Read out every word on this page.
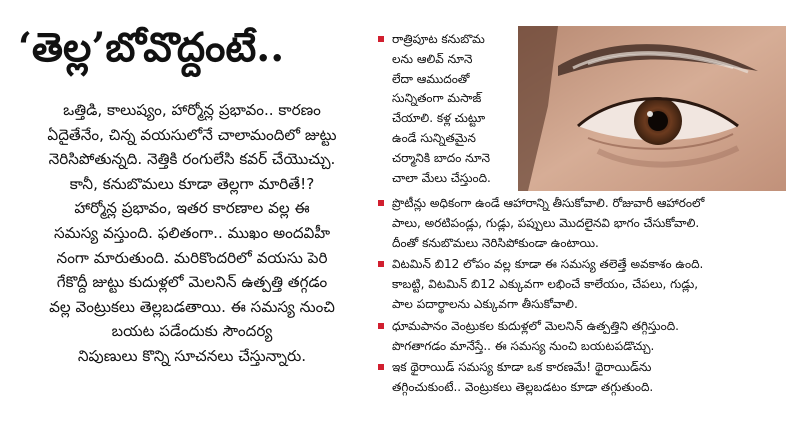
‘తెల్ల’బోవొద్దంటే..
ఒత్తిడి, కాలుష్యం, హార్మోన్ల ప్రభావం.. కారణం
ఏదైతేనేం, చిన్న వయసులోనే చాలామందిలో జుట్టు
నెరిసిపోతున్నది. నెత్తికి రంగులేసి కవర్ చేయొచ్చు.
కానీ, కనుబొమలు కూడా తెల్లగా మారితే!?
హార్మోన్ల ప్రభావం, ఇతర కారణాల వల్ల ఈ
సమస్య వస్తుంది. ఫలితంగా.. ముఖం అందవిహీ
నంగా మారుతుంది. మరికొందరిలో వయసు పెరి
గేకొద్దీ జుట్టు కుదుళ్లలో మెలనిన్ ఉత్పత్తి తగ్గడం
వల్ల వెంట్రుకలు తెల్లబడతాయి. ఈ సమస్య నుంచి
బయట పడేందుకు సౌందర్య
నిపుణులు కొన్ని సూచనలు చేస్తున్నారు.
రాత్రిపూట కనుబొమ
లను ఆలివ్ నూనె
లేదా ఆముదంతో
సున్నితంగా మసాజ్
చేయాలి. కళ్ల చుట్టూ
ఉండే సున్నితమైన
చర్మానికి బాదం నూనె
చాలా మేలు చేస్తుంది.
ప్రొటీన్లు అధికంగా ఉండే ఆహారాన్ని తీసుకోవాలి. రోజువారీ ఆహారంలో
పాలు, అరటిపండ్లు, గుడ్లు, పప్పులు మొదలైనవి భాగం చేసుకోవాలి.
దీంతో కనుబొమలు నెరిసిపోకుండా ఉంటాయి.
విటమిన్ బి12 లోపం వల్ల కూడా ఈ సమస్య తలెత్తే అవకాశం ఉంది.
కాబట్టి, విటమిన్ బి12 ఎక్కువగా లభించే కాలేయం, చేపలు, గుడ్లు,
పాల పదార్థాలను ఎక్కువగా తీసుకోవాలి.
ధూమపానం వెంట్రుకల కుదుళ్లలో మెలనిన్ ఉత్పత్తిని తగ్గిస్తుంది.
పొగతాగడం మానేస్తే.. ఈ సమస్య నుంచి బయటపడొచ్చు.
ఇక థైరాయిడ్ సమస్య కూడా ఒక కారణమే! థైరాయిడ్‌ను
తగ్గించుకుంటే.. వెంట్రుకలు తెల్లబడటం కూడా తగ్గుతుంది.
